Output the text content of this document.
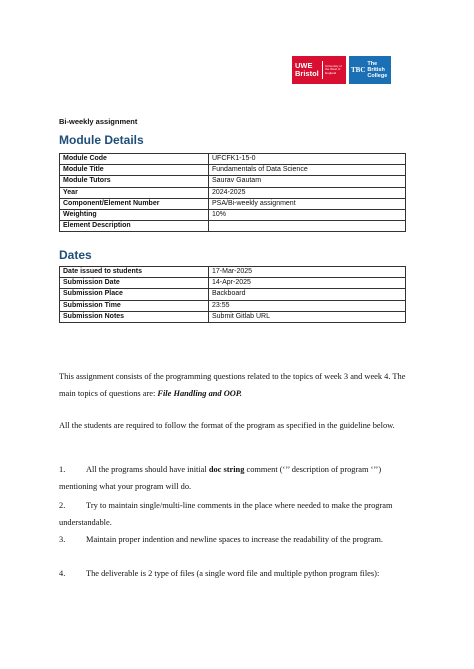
UWE
Bristol
University of the West of England	TBC
The
British
College
Bi-weekly assignment
Module Details
Module Code	UFCFK1-15-0
Module Title	Fundamentals of Data Science
Module Tutors	Saurav Gautam
Year	2024-2025
Component/Element Number	PSA/Bi-weekly assignment
Weighting	10%
Element Description	
Dates
Date issued to students	17-Mar-2025
Submission Date	14-Apr-2025
Submission Place	Backboard
Submission Time	23:55
Submission Notes	Submit Gitlab URL
This assignment consists of the programming questions related to the topics of week 3 and week 4. The main topics of questions are: File Handling and OOP.
All the students are required to follow the format of the program as specified in the guideline below.
1. All the programs should have initial doc string comment (‘’’ description of program ‘’’) mentioning what your program will do.
2. Try to maintain single/multi-line comments in the place where needed to make the program understandable.
3. Maintain proper indention and newline spaces to increase the readability of the program.
4. The deliverable is 2 type of files (a single word file and multiple python program files):
